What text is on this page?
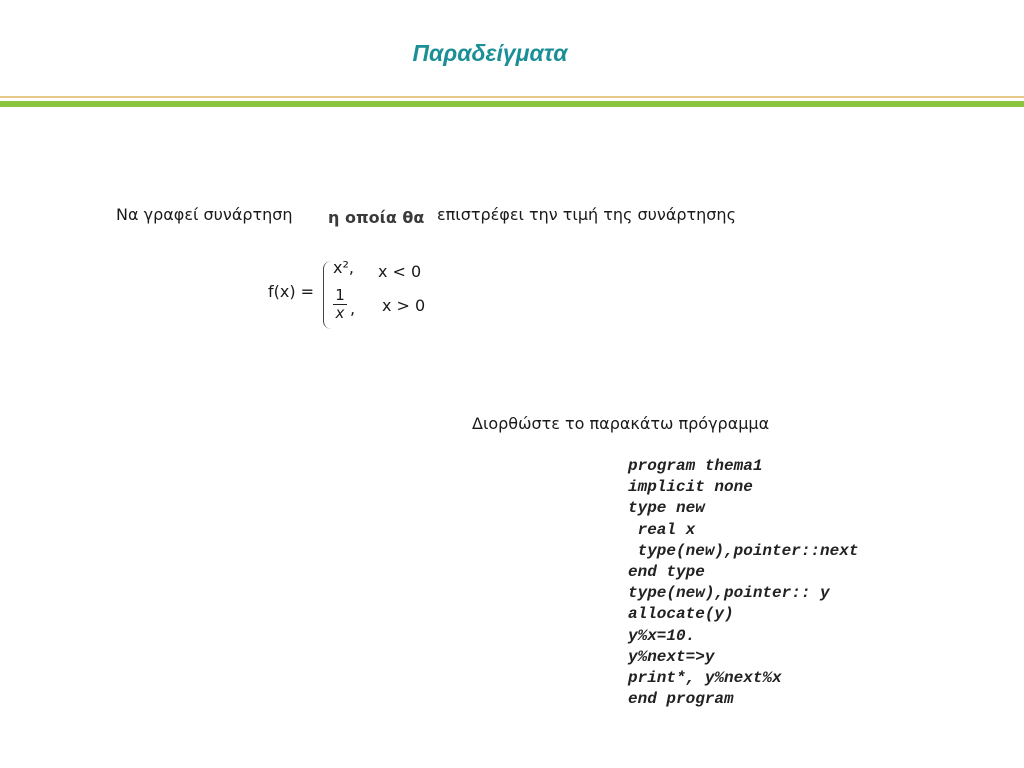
Παραδείγματα
Να γραφεί συνάρτηση η οποία θα επιστρέφει την τιμή της συνάρτησης
f(x) =
x², x < 0
$\frac{1}{x}$ , x > 0
Διορθώστε το παρακάτω πρόγραμμα
program thema1
implicit none
type new
real x
type(new),pointer::next
end type
type(new),pointer:: y
allocate(y)
y%x=10.
y%next=>y
print*, y%next%x
end program
